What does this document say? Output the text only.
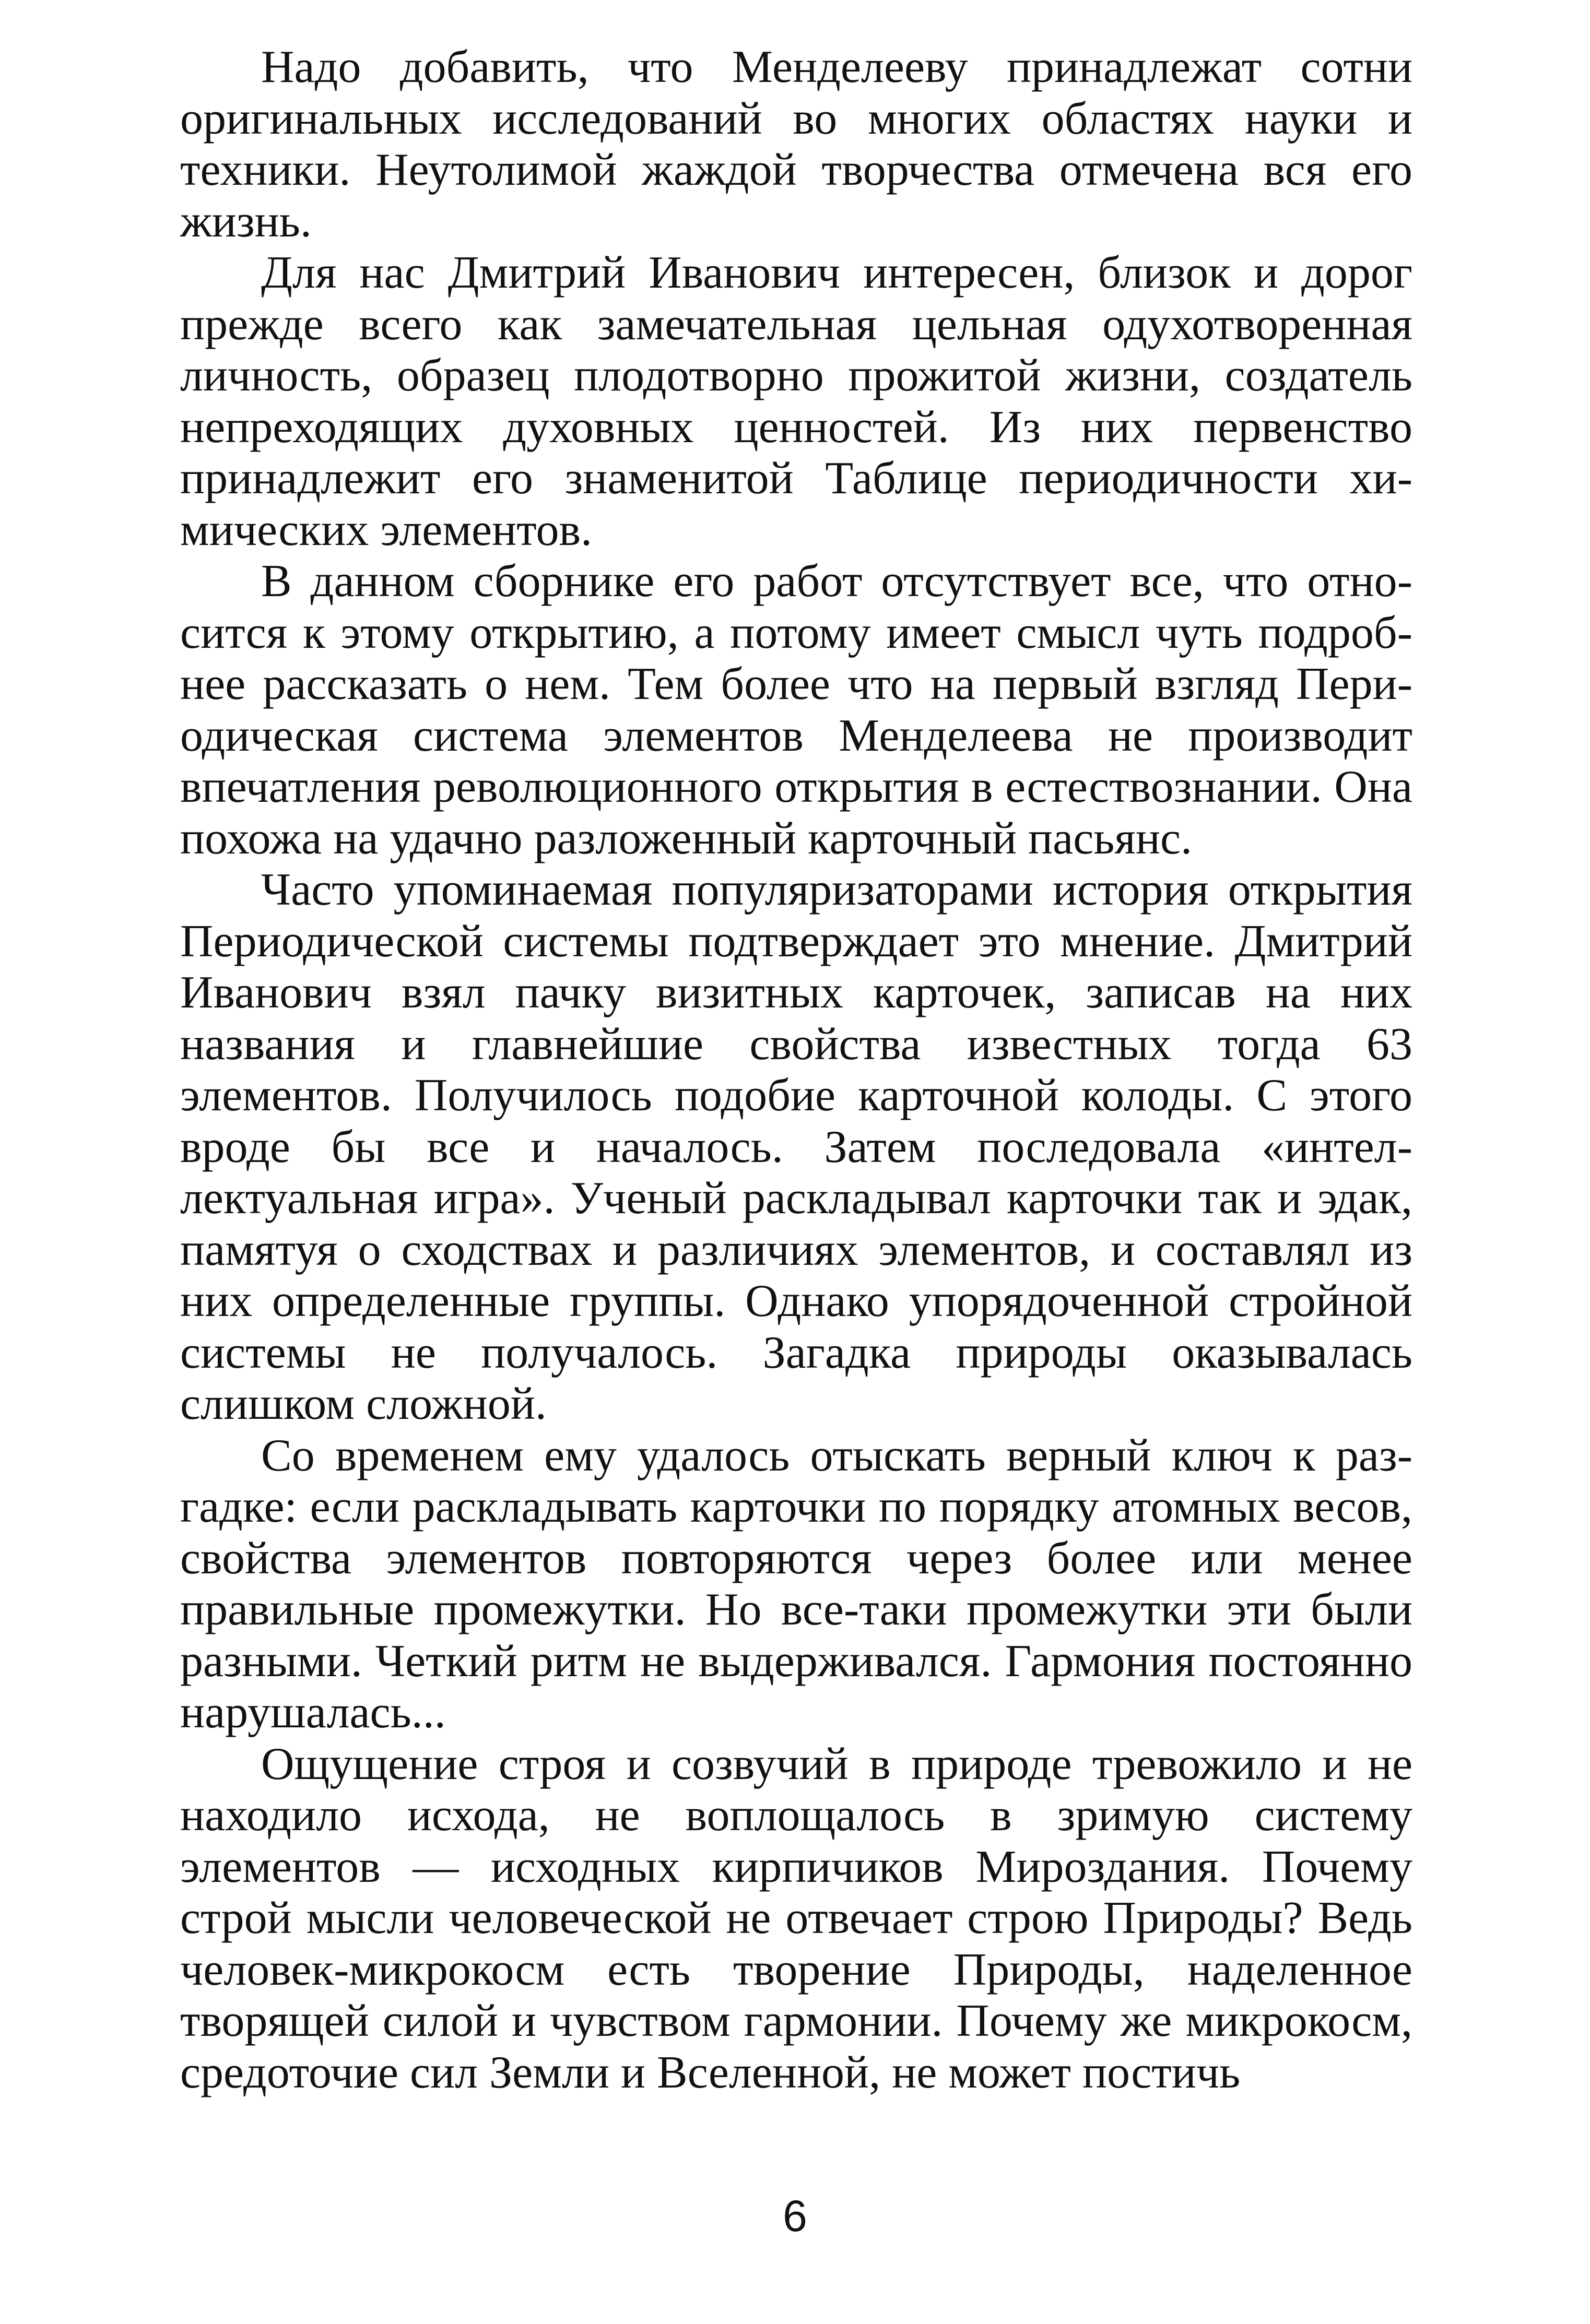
Надо добавить, что Менделееву принадлежат сотни оригинальных исследований во многих областях науки и техники. Неутолимой жаждой творчества отмечена вся его жизнь.

Для нас Дмитрий Иванович интересен, близок и дорог прежде всего как замечательная цельная одухотворенная личность, образец плодотворно прожитой жизни, создатель непреходящих духовных ценностей. Из них первенство принадлежит его знаменитой Таблице периодичности химических элементов.

В данном сборнике его работ отсутствует все, что относится к этому открытию, а потому имеет смысл чуть подробнее рассказать о нем. Тем более что на первый взгляд Периодическая система элементов Менделеева не производит впечатления революционного открытия в естествознании. Она похожа на удачно разложенный карточный пасьянс.

Часто упоминаемая популяризаторами история открытия Периодической системы подтверждает это мнение. Дмитрий Иванович взял пачку визитных карточек, записав на них названия и главнейшие свойства известных тогда 63 элементов. Получилось подобие карточной колоды. С этого вроде бы все и началось. Затем последовала «интеллектуальная игра». Ученый раскладывал карточки так и эдак, памятуя о сходствах и различиях элементов, и составлял из них определенные группы. Однако упорядоченной стройной системы не получалось. Загадка природы оказывалась слишком сложной.

Со временем ему удалось отыскать верный ключ к разгадке: если раскладывать карточки по порядку атомных весов, свойства элементов повторяются через более или менее правильные промежутки. Но все-таки промежутки эти были разными. Четкий ритм не выдерживался. Гармония постоянно нарушалась...

Ощущение строя и созвучий в природе тревожило и не находило исхода, не воплощалось в зримую систему элементов — исходных кирпичиков Мироздания. Почему строй мысли человеческой не отвечает строю Природы? Ведь человек-микрокосм есть творение Природы, наделенное творящей силой и чувством гармонии. Почему же микрокосм, средоточие сил Земли и Вселенной, не может постичь

6
